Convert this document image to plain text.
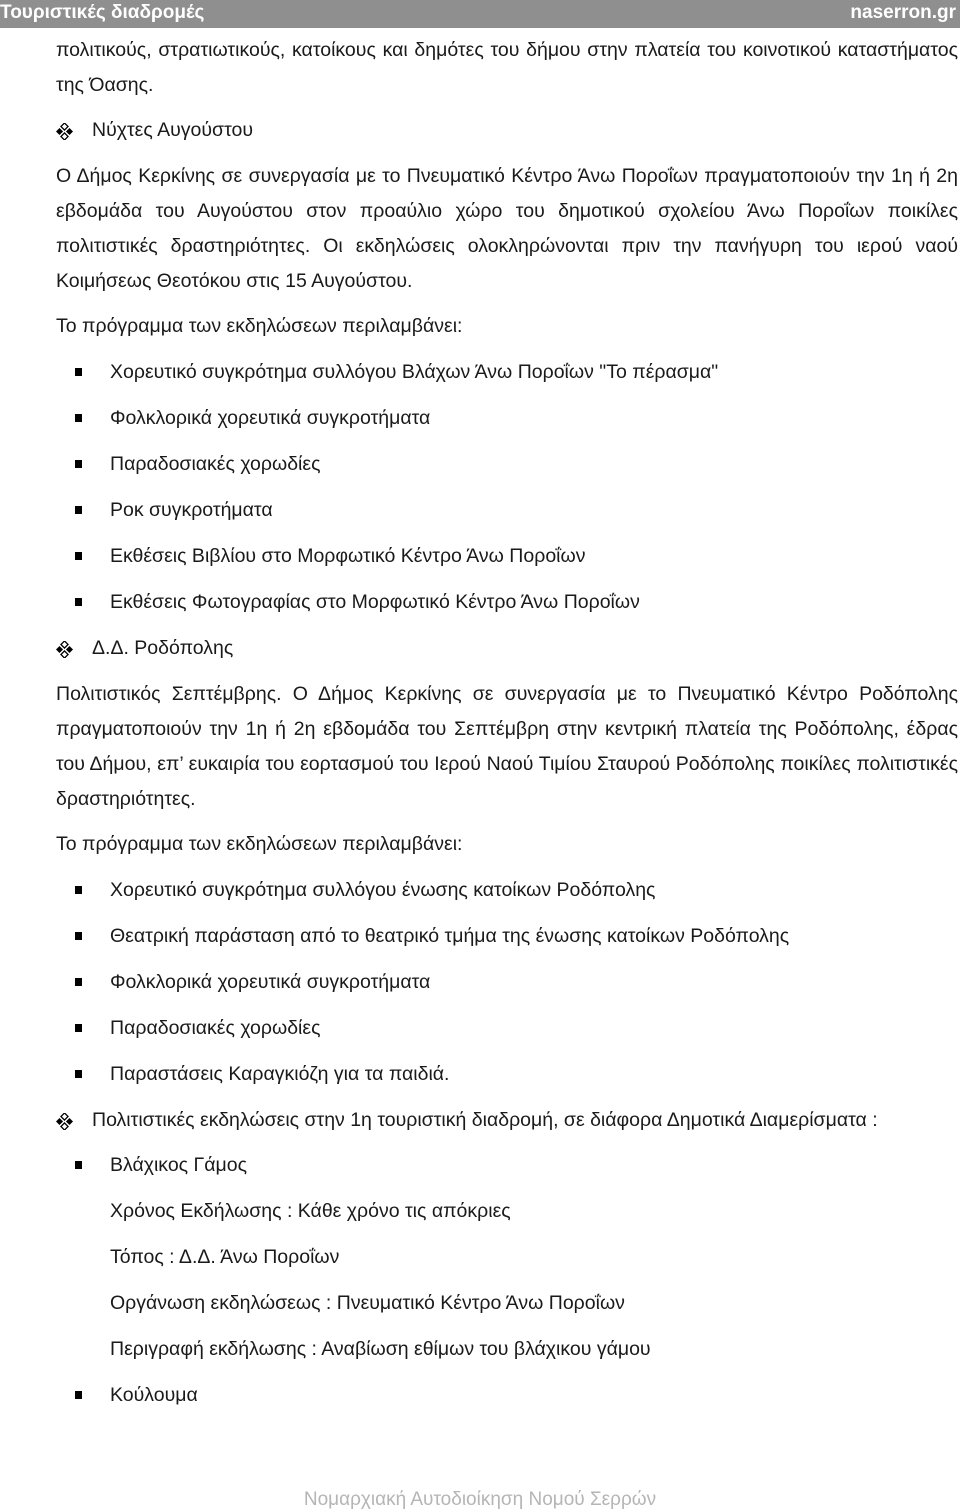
Τουριστικές διαδρομές	naserron.gr
πολιτικούς, στρατιωτικούς, κατοίκους και δημότες του δήμου στην πλατεία του κοινοτικού καταστήματος της Όασης.
Νύχτες Αυγούστου
Ο Δήμος Κερκίνης σε συνεργασία με το Πνευματικό Κέντρο Άνω Ποροΐων πραγματοποιούν την 1η ή 2η εβδομάδα του Αυγούστου στον προαύλιο χώρο του δημοτικού σχολείου Άνω Ποροΐων ποικίλες πολιτιστικές δραστηριότητες. Οι εκδηλώσεις ολοκληρώνονται πριν την πανήγυρη του ιερού ναού Κοιμήσεως Θεοτόκου στις 15 Αυγούστου.
Το πρόγραμμα των εκδηλώσεων περιλαμβάνει:
Χορευτικό συγκρότημα συλλόγου Βλάχων Άνω Ποροΐων "Το πέρασμα"
Φολκλορικά χορευτικά συγκροτήματα
Παραδοσιακές χορωδίες
Ροκ συγκροτήματα
Εκθέσεις Βιβλίου στο Μορφωτικό Κέντρο Άνω Ποροΐων
Εκθέσεις Φωτογραφίας στο Μορφωτικό Κέντρο Άνω Ποροΐων
Δ.Δ. Ροδόπολης
Πολιτιστικός Σεπτέμβρης. Ο Δήμος Κερκίνης σε συνεργασία με το Πνευματικό Κέντρο Ροδόπολης πραγματοποιούν την 1η ή 2η εβδομάδα του Σεπτέμβρη στην κεντρική πλατεία της Ροδόπολης, έδρας του Δήμου, επ’ ευκαιρία του εορτασμού του Ιερού Ναού Τιμίου Σταυρού Ροδόπολης ποικίλες πολιτιστικές δραστηριότητες.
Το πρόγραμμα των εκδηλώσεων περιλαμβάνει:
Χορευτικό συγκρότημα συλλόγου ένωσης κατοίκων Ροδόπολης
Θεατρική παράσταση από το θεατρικό τμήμα της ένωσης κατοίκων Ροδόπολης
Φολκλορικά χορευτικά συγκροτήματα
Παραδοσιακές χορωδίες
Παραστάσεις Καραγκιόζη για τα παιδιά.
Πολιτιστικές εκδηλώσεις στην 1η τουριστική διαδρομή, σε διάφορα Δημοτικά Διαμερίσματα :
Βλάχικος Γάμος
Χρόνος Εκδήλωσης : Κάθε χρόνο τις απόκριες
Τόπος : Δ.Δ. Άνω Ποροΐων
Οργάνωση εκδηλώσεως : Πνευματικό Κέντρο Άνω Ποροΐων
Περιγραφή εκδήλωσης : Αναβίωση εθίμων του βλάχικου γάμου
Κούλουμα
Νομαρχιακή Αυτοδιοίκηση Νομού Σερρών
